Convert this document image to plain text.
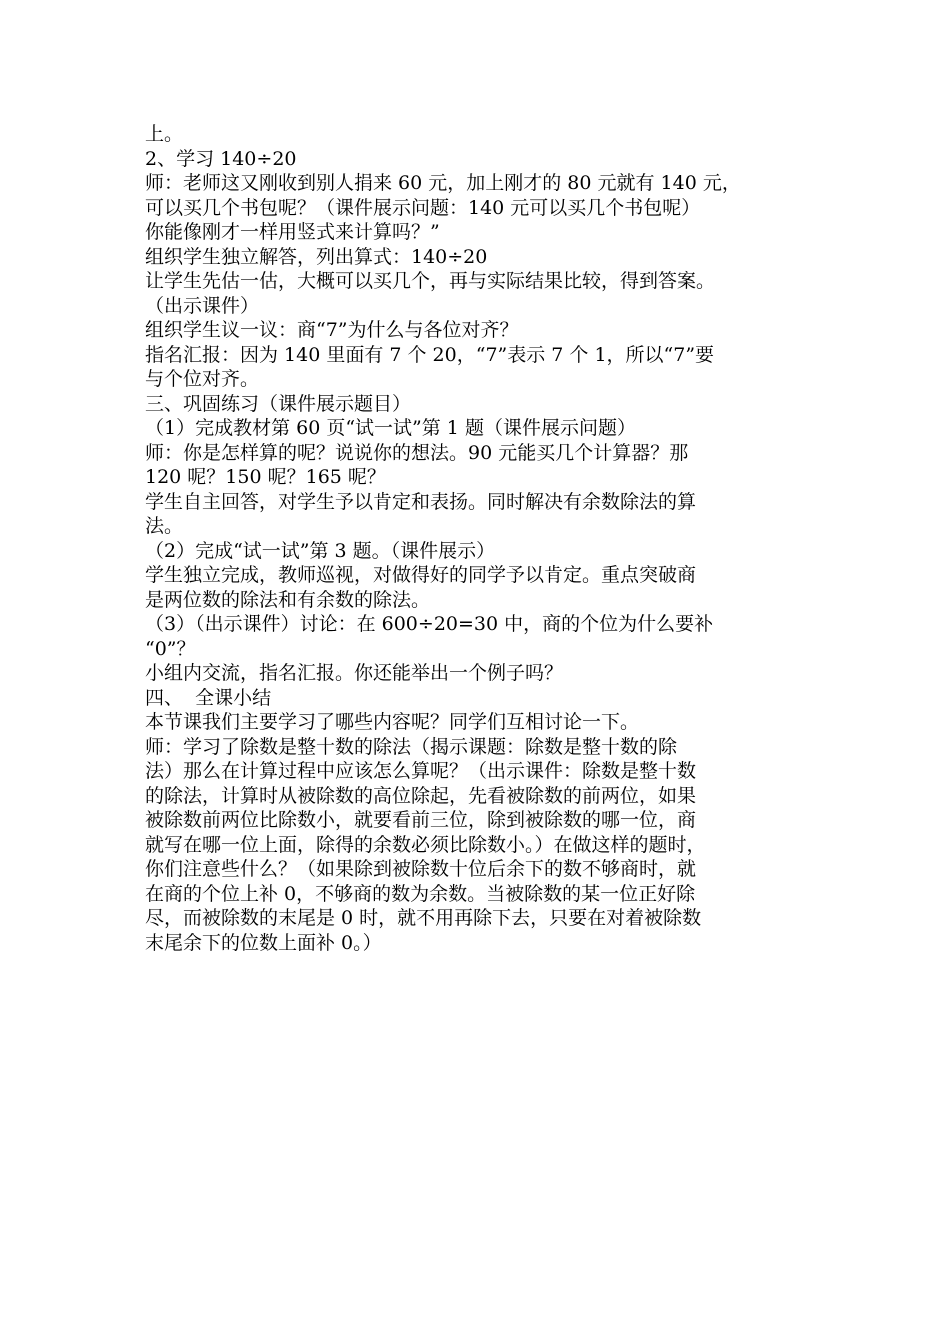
上。
2、学习 140÷20
师：老师这又刚收到别人捐来 60 元，加上刚才的 80 元就有 140 元，
可以买几个书包呢？（课件展示问题：140 元可以买几个书包呢）
你能像刚才一样用竖式来计算吗？”
组织学生独立解答，列出算式：140÷20
让学生先估一估，大概可以买几个，再与实际结果比较，得到答案。
（出示课件）
组织学生议一议：商“7”为什么与各位对齐？
指名汇报：因为 140 里面有 7 个 20，“7”表示 7 个 1，所以“7”要
与个位对齐。
三、巩固练习（课件展示题目）
（1）完成教材第 60 页“试一试”第 1 题（课件展示问题）
师：你是怎样算的呢？说说你的想法。90 元能买几个计算器？那
120 呢？150 呢？165 呢？
学生自主回答，对学生予以肯定和表扬。同时解决有余数除法的算
法。
（2）完成“试一试”第 3 题。（课件展示）
学生独立完成，教师巡视，对做得好的同学予以肯定。重点突破商
是两位数的除法和有余数的除法。
（3）（出示课件）讨论：在 600÷20=30 中，商的个位为什么要补
“0”？
小组内交流，指名汇报。你还能举出一个例子吗？
四、  全课小结
本节课我们主要学习了哪些内容呢？同学们互相讨论一下。
师：学习了除数是整十数的除法（揭示课题：除数是整十数的除
法）那么在计算过程中应该怎么算呢？（出示课件：除数是整十数
的除法，计算时从被除数的高位除起，先看被除数的前两位，如果
被除数前两位比除数小，就要看前三位，除到被除数的哪一位，商
就写在哪一位上面，除得的余数必须比除数小。）在做这样的题时，
你们注意些什么？（如果除到被除数十位后余下的数不够商时，就
在商的个位上补 0，不够商的数为余数。当被除数的某一位正好除
尽，而被除数的末尾是 0 时，就不用再除下去，只要在对着被除数
末尾余下的位数上面补 0。）
